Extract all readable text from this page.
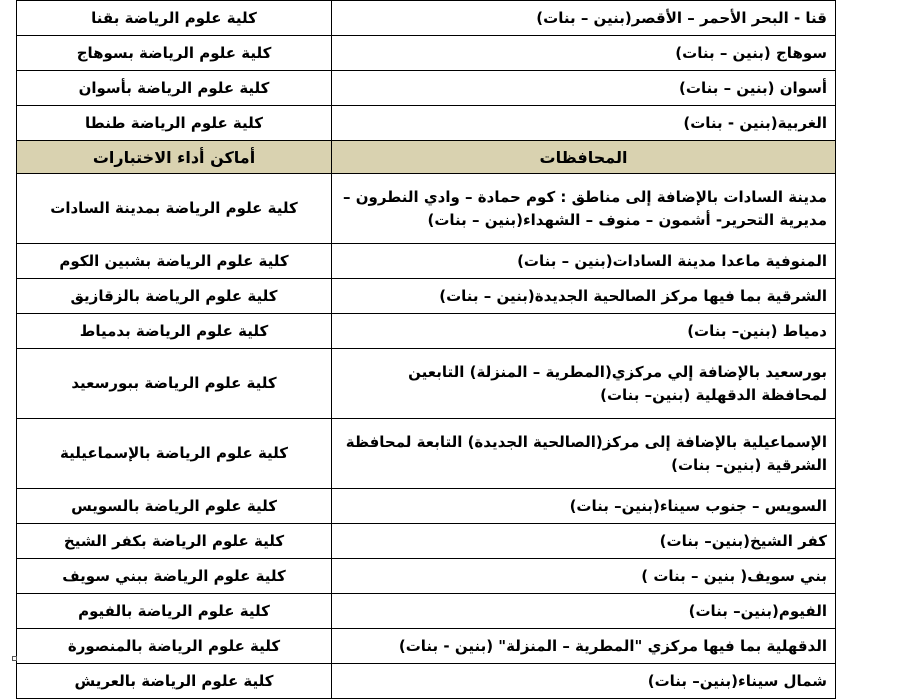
قنا - البحر الأحمر – الأقصر(بنين – بنات)	كلية علوم الرياضة بقنا
سوهاج (بنين – بنات)	كلية علوم الرياضة بسوهاج
أسوان (بنين – بنات)	كلية علوم الرياضة بأسوان
الغربية(بنين - بنات)	كلية علوم الرياضة طنطا
المحافظات	أماكن أداء الاختبارات
مدينة السادات بالإضافة إلى مناطق : كوم حمادة – وادي النطرون – مديرية التحرير- أشمون – منوف – الشهداء(بنين – بنات)	كلية علوم الرياضة بمدينة السادات
المنوفية ماعدا مدينة السادات(بنين – بنات)	كلية علوم الرياضة بشبين الكوم
الشرقية بما فيها مركز الصالحية الجديدة(بنين – بنات)	كلية علوم الرياضة بالزقازيق
دمياط (بنين– بنات)	كلية علوم الرياضة بدمياط
بورسعيد بالإضافة إلي مركزي(المطرية – المنزلة) التابعين لمحافظة الدقهلية (بنين– بنات)	كلية علوم الرياضة ببورسعيد
الإسماعيلية بالإضافة إلى مركز(الصالحية الجديدة) التابعة لمحافظة الشرقية (بنين– بنات)	كلية علوم الرياضة بالإسماعيلية
السويس – جنوب سيناء(بنين– بنات)	كلية علوم الرياضة بالسويس
كفر الشيخ(بنين– بنات)	كلية علوم الرياضة بكفر الشيخ
بني سويف( بنين – بنات )	كلية علوم الرياضة ببني سويف
الفيوم(بنين– بنات)	كلية علوم الرياضة بالفيوم
الدقهلية بما فيها مركزي "المطرية – المنزلة" (بنين - بنات)	كلية علوم الرياضة بالمنصورة
شمال سيناء(بنين– بنات)	كلية علوم الرياضة بالعريش
